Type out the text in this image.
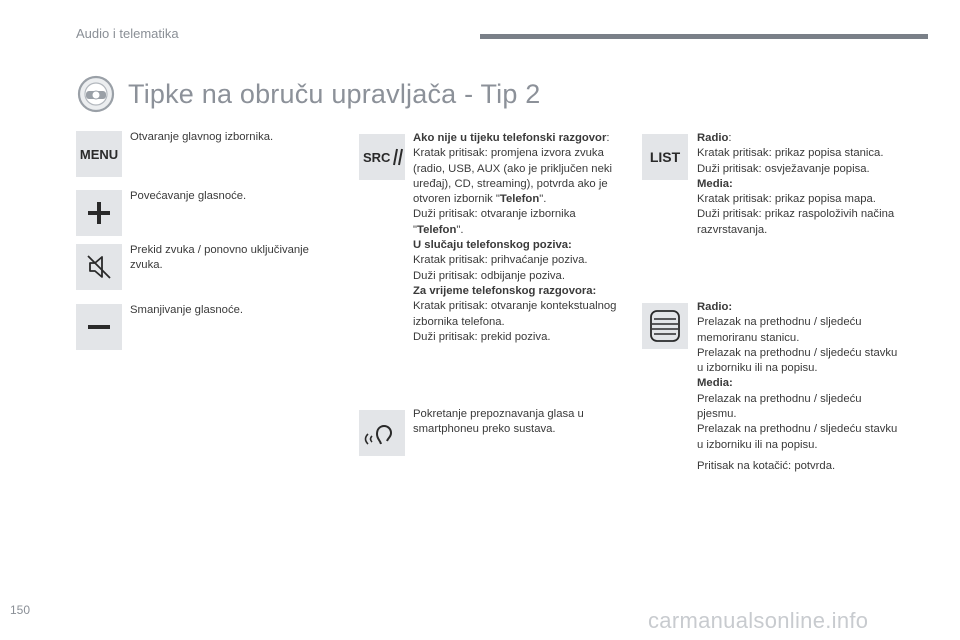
Audio i telematika
Tipke na obruču upravljača - Tip 2
MENU
Otvaranje glavnog izbornika.
Povećavanje glasnoće.
Prekid zvuka / ponovno uključivanje zvuka.
Smanjivanje glasnoće.
SRC

Ako nije u tijeku telefonski razgovor:

Kratak pritisak: promjena izvora zvuka (radio, USB, AUX (ako je priključen neki uređaj), CD, streaming), potvrda ako je otvoren izbornik "Telefon".

Duži pritisak: otvaranje izbornika "Telefon".

U slučaju telefonskog poziva:

Kratak pritisak: prihvaćanje poziva.

Duži pritisak: odbijanje poziva.

Za vrijeme telefonskog razgovora:

Kratak pritisak: otvaranje kontekstualnog izbornika telefona.

Duži pritisak: prekid poziva.

Pokretanje prepoznavanja glasa u smartphoneu preko sustava.
LIST

Radio:

Kratak pritisak: prikaz popisa stanica.

Duži pritisak: osvježavanje popisa.

Media:

Kratak pritisak: prikaz popisa mapa.

Duži pritisak: prikaz raspoloživih načina razvrstavanja.

Radio:

Prelazak na prethodnu / sljedeću memoriranu stanicu.

Prelazak na prethodnu / sljedeću stavku u izborniku ili na popisu.

Media:

Prelazak na prethodnu / sljedeću pjesmu.

Prelazak na prethodnu / sljedeću stavku u izborniku ili na popisu.

Pritisak na kotačić: potvrda.

150	carmanualsonline.info
